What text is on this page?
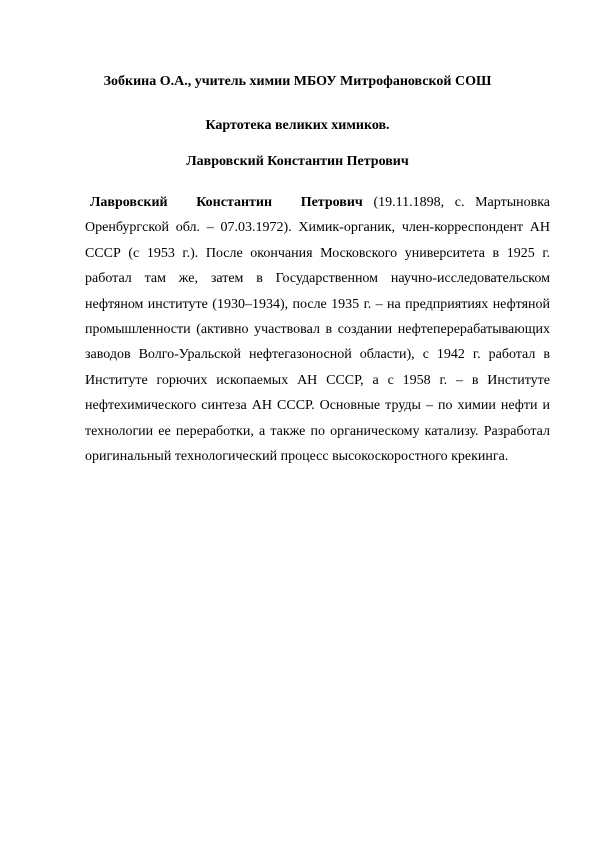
Зобкина О.А., учитель химии МБОУ Митрофановской СОШ
Картотека великих химиков.
Лавровский Константин Петрович

Лавровский Константин Петрович (19.11.1898, с. Мартыновка Оренбургской обл. – 07.03.1972). Химик-органик, член-корреспондент АН СССР (с 1953 г.). После окончания Московского университета в 1925 г. работал там же, затем в Государственном научно-исследовательском нефтяном институте (1930–1934), после 1935 г. – на предприятиях нефтяной промышленности (активно участвовал в создании нефтеперерабатывающих заводов Волго-Уральской нефтегазоносной области), с 1942 г. работал в Институте горючих ископаемых АН СССР, а с 1958 г. – в Институте нефтехимического синтеза АН СССР. Основные труды – по химии нефти и технологии ее переработки, а также по органическому катализу. Разработал оригинальный технологический процесс высокоскоростного крекинга.
